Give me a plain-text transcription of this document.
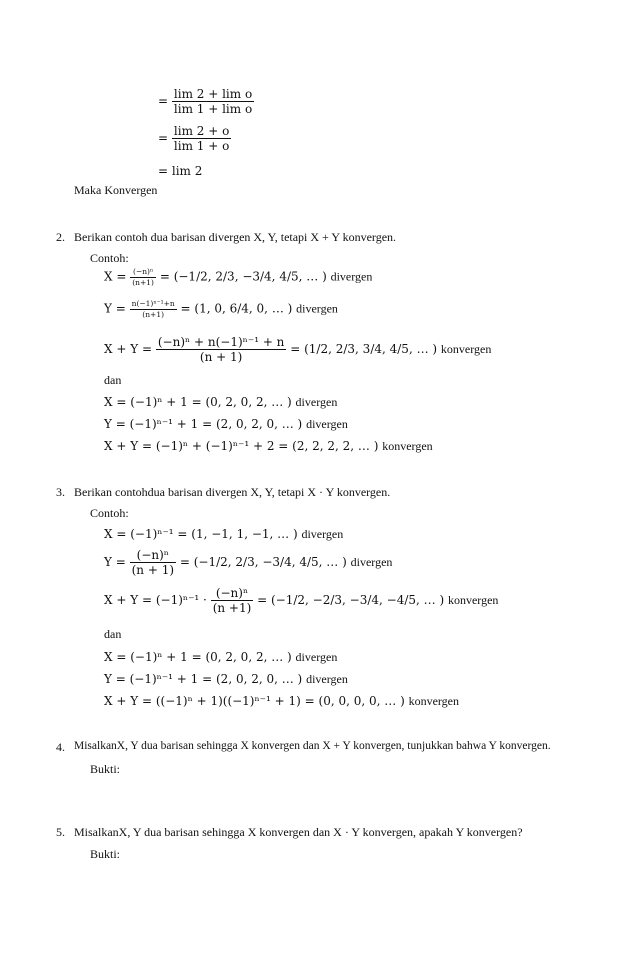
= $\frac{\text{lim 2 + lim o}}{\text{lim 1 + lim o}}$
= $\frac{\lim 2 + o}{\lim 1 + o}$
= lim 2
Maka Konvergen
2. Berikan contoh dua barisan divergen X, Y, tetapi X + Y konvergen.
Contoh:
$X = \frac{\text{(−n)ⁿ}}{(n+1)} = (-1/2$, 2/3, −3/4, 4/5, … ) divergen
$Y = \frac{\text{n(−1)ⁿ⁻¹+n}}{(n+1)} = (1$, 0, 6/4, 0, … ) divergen
$X + Y = \frac{\text{(−n)ⁿ + n(−1)ⁿ⁻¹ + n}}{(n + 1)} = (1/2$, 2/3, 3/4, 4/5, … ) konvergen
dan
X = (−1)ⁿ + 1 = (0, 2, 0, 2, … ) divergen
Y = (−1)ⁿ⁻¹ + 1 = (2, 0, 2, 0, … ) divergen
X + Y = (−1)ⁿ + (−1)ⁿ⁻¹ + 2 = (2, 2, 2, 2, … ) konvergen
3. Berikan contohdua barisan divergen X, Y, tetapi X · Y konvergen.
Contoh:
X = (−1)ⁿ⁻¹ = (1, −1, 1, −1, … ) divergen
$Y = \frac{\text{(−n)ⁿ}}{(n + 1)} = (-1/2$, 2/3, −3/4, 4/5, … ) divergen
$X + Y = (-1)^{n-1} \cdot \frac{\text{(−n)ⁿ}}{(n +1)} = (-1/2$, −2/3, −3/4, −4/5, … ) konvergen
dan
X = (−1)ⁿ + 1 = (0, 2, 0, 2, … ) divergen
Y = (−1)ⁿ⁻¹ + 1 = (2, 0, 2, 0, … ) divergen
X + Y = ((−1)ⁿ + 1)((−1)ⁿ⁻¹ + 1) = (0, 0, 0, 0, … ) konvergen
4. MisalkanX, Y dua barisan sehingga X konvergen dan X + Y konvergen, tunjukkan bahwa Y konvergen.
Bukti:
5. MisalkanX, Y dua barisan sehingga X konvergen dan X · Y konvergen, apakah Y konvergen?
Bukti:
